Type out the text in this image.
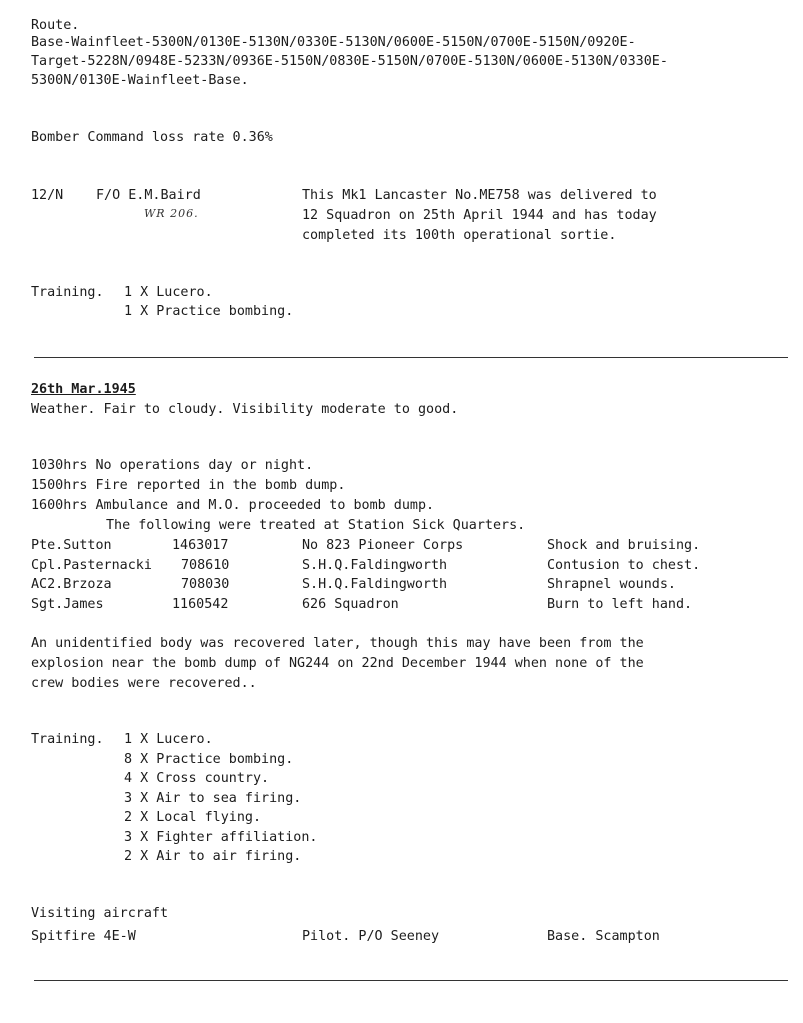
Route.
Base-Wainfleet-5300N/0130E-5130N/0330E-5130N/0600E-5150N/0700E-5150N/0920E-
Target-5228N/0948E-5233N/0936E-5150N/0830E-5150N/0700E-5130N/0600E-5130N/0330E-
5300N/0130E-Wainfleet-Base.
Bomber Command loss rate 0.36%
12/N F/O E.M.Baird
WR 206.
This Mk1 Lancaster No.ME758 was delivered to
12 Squadron on 25th April 1944 and has today
completed its 100th operational sortie.
Training. 1 X Lucero.
1 X Practice bombing.
26th Mar.1945
Weather. Fair to cloudy. Visibility moderate to good.
1030hrs No operations day or night.
1500hrs Fire reported in the bomb dump.
1600hrs Ambulance and M.O. proceeded to bomb dump.
The following were treated at Station Sick Quarters.
Pte.Sutton	1463017	No 823 Pioneer Corps	Shock and bruising.
Cpl.Pasternacki 708610	S.H.Q.Faldingworth	Contusion to chest.
AC2.Brzoza	708030	S.H.Q.Faldingworth	Shrapnel wounds.
Sgt.James	1160542	626 Squadron	Burn to left hand.
An unidentified body was recovered later, though this may have been from the
explosion near the bomb dump of NG244 on 22nd December 1944 when none of the
crew bodies were recovered..
Training. 1 X Lucero.
8 X Practice bombing.
4 X Cross country.
3 X Air to sea firing.
2 X Local flying.
3 X Fighter affiliation.
2 X Air to air firing.
Visiting aircraft
Spitfire 4E-W	Pilot. P/O Seeney	Base. Scampton
